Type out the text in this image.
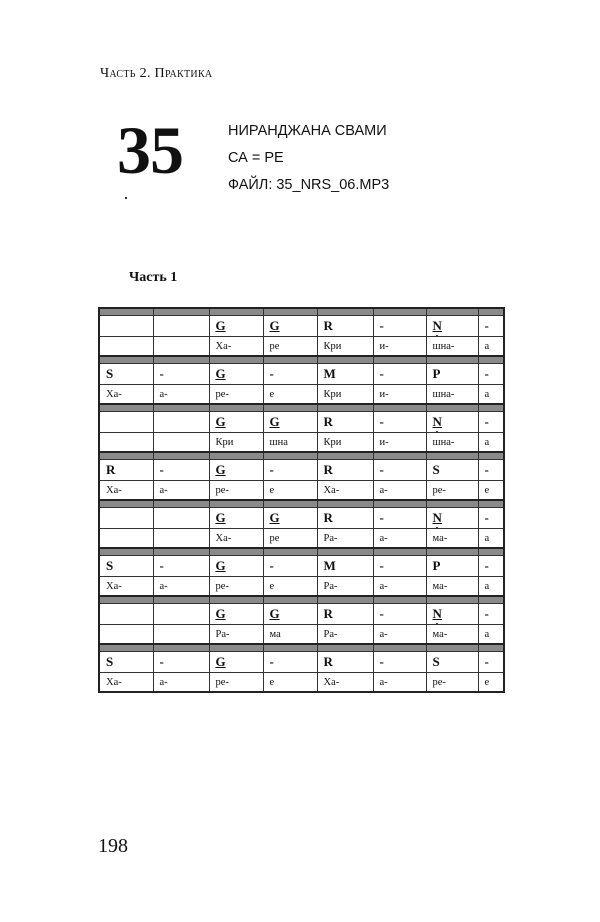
Часть 2. Практика
35	НИРАНДЖАНА СВАМИ
СА = РЕ
ФАЙЛ: 35_NRS_06.MP3
Часть 1

		G	G	R	-	N	-
		Ха-	ре	Кри	и-	шна-	а

S	-	G	-	M	-	P	-
Ха-	а-	ре-	е	Кри	и-	шна-	а

		G	G	R	-	N	-
		Кри	шна	Кри	и-	шна-	а

R	-	G	-	R	-	S	-
Ха-	а-	ре-	е	Ха-	а-	ре-	е

		G	G	R	-	N	-
		Ха-	ре	Ра-	а-	ма-	а

S	-	G	-	M	-	P	-
Ха-	а-	ре-	е	Ра-	а-	ма-	а

		G	G	R	-	N	-
		Ра-	ма	Ра-	а-	ма-	а

S	-	G	-	R	-	S	-
Ха-	а-	ре-	е	Ха-	а-	ре-	е
198
